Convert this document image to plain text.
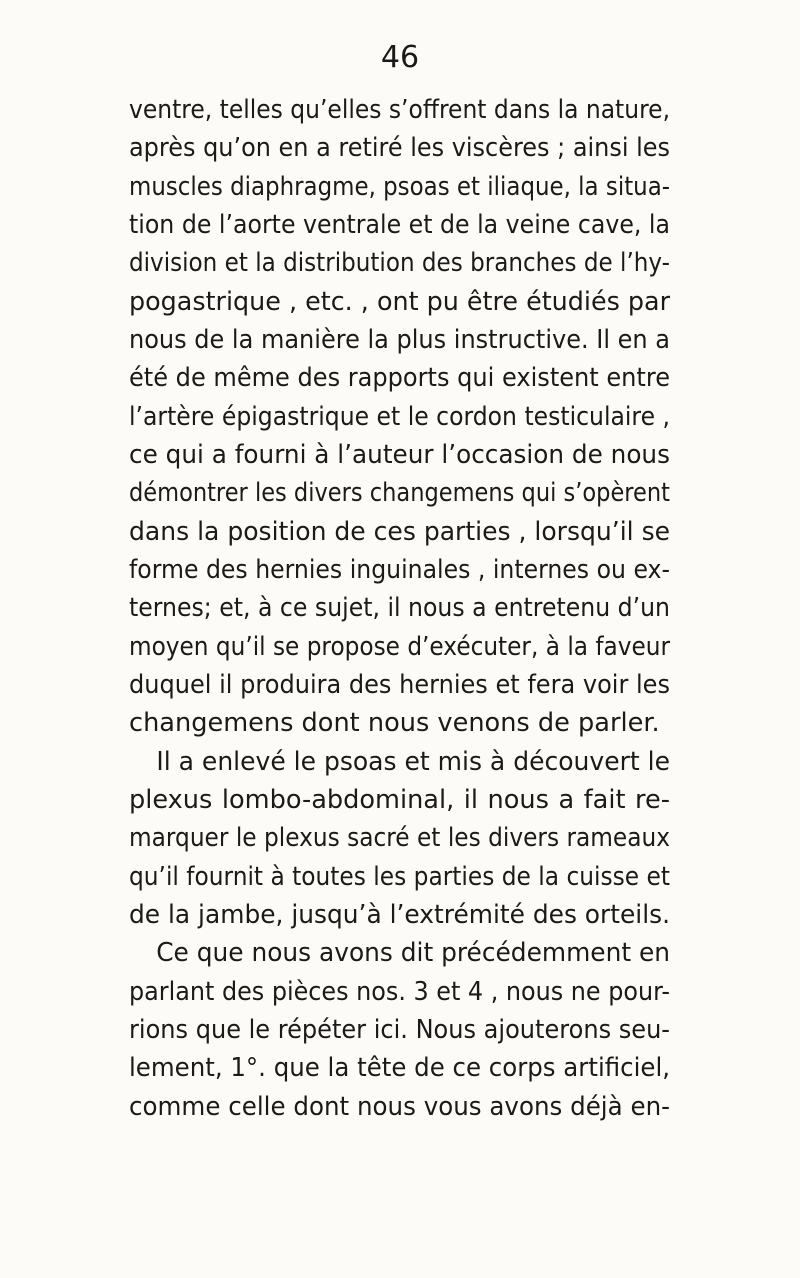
46
ventre, telles qu’elles s’offrent dans la nature,
après qu’on en a retiré les viscères ; ainsi les
muscles diaphragme, psoas et iliaque, la situa-
tion de l’aorte ventrale et de la veine cave, la
division et la distribution des branches de l’hy-
pogastrique , etc. , ont pu être étudiés par
nous de la manière la plus instructive. Il en a
été de même des rapports qui existent entre
l’artère épigastrique et le cordon testiculaire ,
ce qui a fourni à l’auteur l’occasion de nous
démontrer les divers changemens qui s’opèrent
dans la position de ces parties , lorsqu’il se
forme des hernies inguinales , internes ou ex-
ternes; et, à ce sujet, il nous a entretenu d’un
moyen qu’il se propose d’exécuter, à la faveur
duquel il produira des hernies et fera voir les
changemens dont nous venons de parler.
Il a enlevé le psoas et mis à découvert le
plexus lombo-abdominal, il nous a fait re-
marquer le plexus sacré et les divers rameaux
qu’il fournit à toutes les parties de la cuisse et
de la jambe, jusqu’à l’extrémité des orteils.
Ce que nous avons dit précédemment en
parlant des pièces nos. 3 et 4 , nous ne pour-
rions que le répéter ici. Nous ajouterons seu-
lement, 1°. que la tête de ce corps artificiel,
comme celle dont nous vous avons déjà en-
